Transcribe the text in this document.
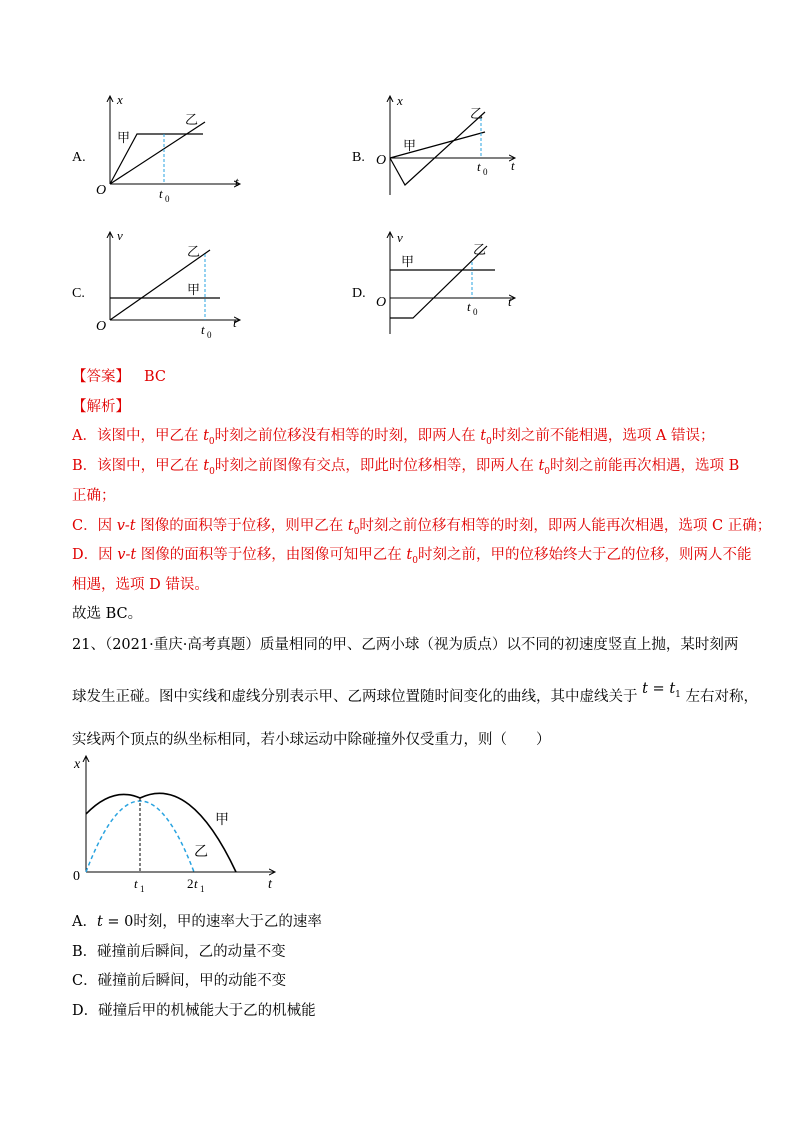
A.
x
t
O
甲
乙
t 0
B.
x
t
O
甲
乙
t 0
C.
v
t
O
甲
乙
t 0
D.
v
t
O
甲
乙
t 0
【答案】 BC
【解析】
A．该图中，甲乙在 $t_0$时刻之前位移没有相等的时刻，即两人在 $t_0$时刻之前不能相遇，选项 A 错误；
B．该图中，甲乙在 $t_0$时刻之前图像有交点，即此时位移相等，即两人在 $t_0$时刻之前能再次相遇，选项 B
正确；
C．因 v-t 图像的面积等于位移，则甲乙在 $t_0$时刻之前位移有相等的时刻，即两人能再次相遇，选项 C 正确；
D．因 v-t 图像的面积等于位移，由图像可知甲乙在 $t_0$时刻之前，甲的位移始终大于乙的位移，则两人不能
相遇，选项 D 错误。
故选 BC。
21、（2021·重庆·高考真题）质量相同的甲、乙两小球（视为质点）以不同的初速度竖直上抛，某时刻两
球发生正碰。图中实线和虚线分别表示甲、乙两球位置随时间变化的曲线，其中虚线关于 $t = t_1$ 左右对称，
实线两个顶点的纵坐标相同，若小球运动中除碰撞外仅受重力，则（　　）
x
t
0
甲
乙
t 1	2 t 1
A．t = 0时刻，甲的速率大于乙的速率
B．碰撞前后瞬间，乙的动量不变
C．碰撞前后瞬间，甲的动能不变
D．碰撞后甲的机械能大于乙的机械能
